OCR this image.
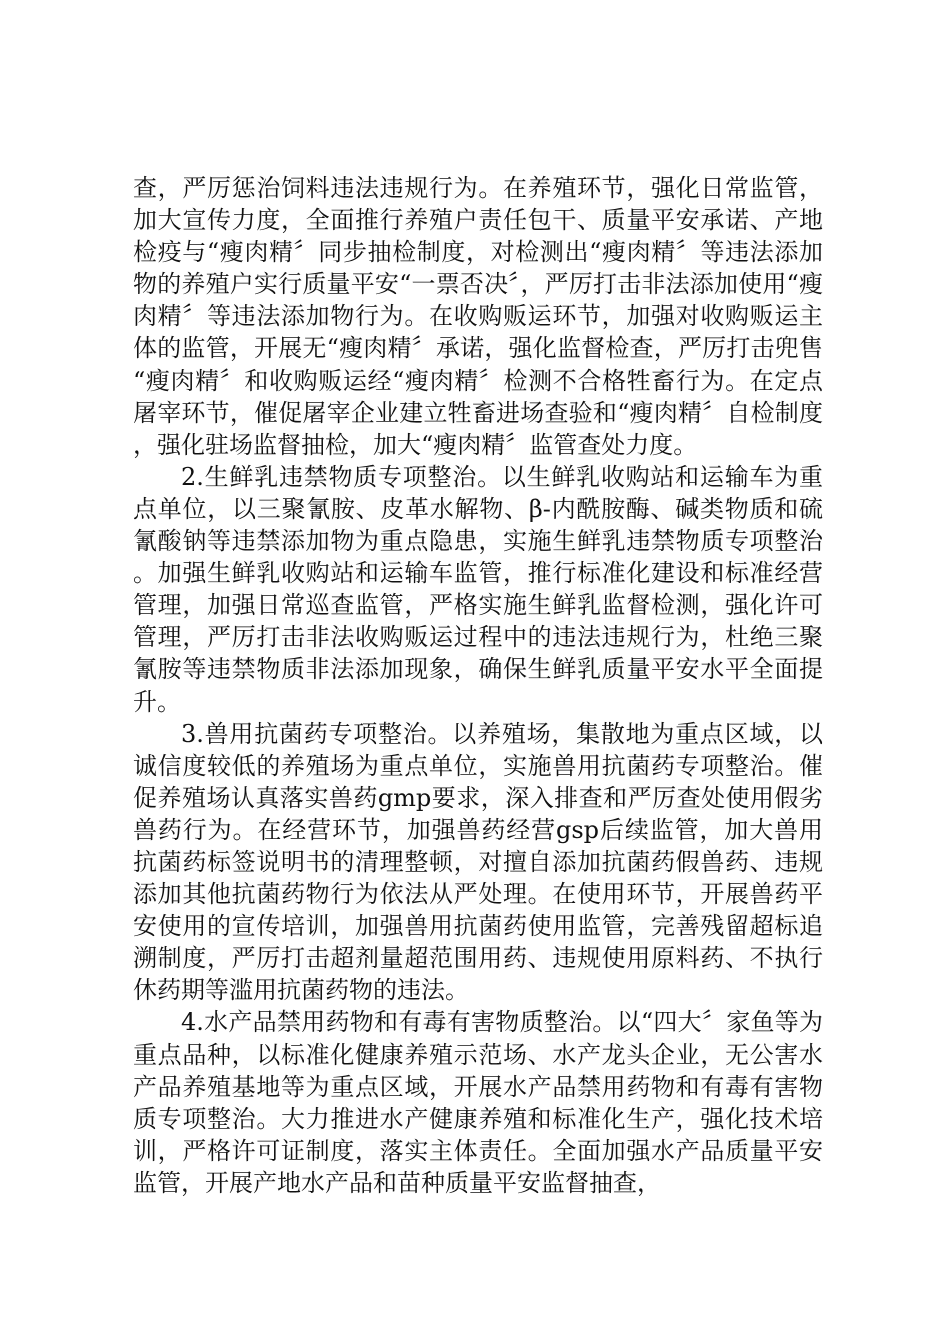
查，严厉惩治饲料违法违规行为。在养殖环节，强化日常监管，加大宣传力度，全面推行养殖户责任包干、质量平安承诺、产地检疫与“瘦肉精〞同步抽检制度，对检测出“瘦肉精〞等违法添加物的养殖户实行质量平安“一票否决〞，严厉打击非法添加使用“瘦肉精〞等违法添加物行为。在收购贩运环节，加强对收购贩运主体的监管，开展无“瘦肉精〞承诺，强化监督检查，严厉打击兜售“瘦肉精〞和收购贩运经“瘦肉精〞检测不合格牲畜行为。在定点屠宰环节，催促屠宰企业建立牲畜进场查验和“瘦肉精〞自检制度，强化驻场监督抽检，加大“瘦肉精〞监管查处力度。

2.生鲜乳违禁物质专项整治。以生鲜乳收购站和运输车为重点单位，以三聚氰胺、皮革水解物、β-内酰胺酶、碱类物质和硫氰酸钠等违禁添加物为重点隐患，实施生鲜乳违禁物质专项整治。加强生鲜乳收购站和运输车监管，推行标准化建设和标准经营管理，加强日常巡查监管，严格实施生鲜乳监督检测，强化许可管理，严厉打击非法收购贩运过程中的违法违规行为，杜绝三聚氰胺等违禁物质非法添加现象，确保生鲜乳质量平安水平全面提升。

3.兽用抗菌药专项整治。以养殖场，集散地为重点区域，以诚信度较低的养殖场为重点单位，实施兽用抗菌药专项整治。催促养殖场认真落实兽药gmp要求，深入排查和严厉查处使用假劣兽药行为。在经营环节，加强兽药经营gsp后续监管，加大兽用抗菌药标签说明书的清理整顿，对擅自添加抗菌药假兽药、违规添加其他抗菌药物行为依法从严处理。在使用环节，开展兽药平安使用的宣传培训，加强兽用抗菌药使用监管，完善残留超标追溯制度，严厉打击超剂量超范围用药、违规使用原料药、不执行休药期等滥用抗菌药物的违法。

4.水产品禁用药物和有毒有害物质整治。以“四大〞家鱼等为重点品种，以标准化健康养殖示范场、水产龙头企业，无公害水产品养殖基地等为重点区域，开展水产品禁用药物和有毒有害物质专项整治。大力推进水产健康养殖和标准化生产，强化技术培训，严格许可证制度，落实主体责任。全面加强水产品质量平安监管，开展产地水产品和苗种质量平安监督抽查，
